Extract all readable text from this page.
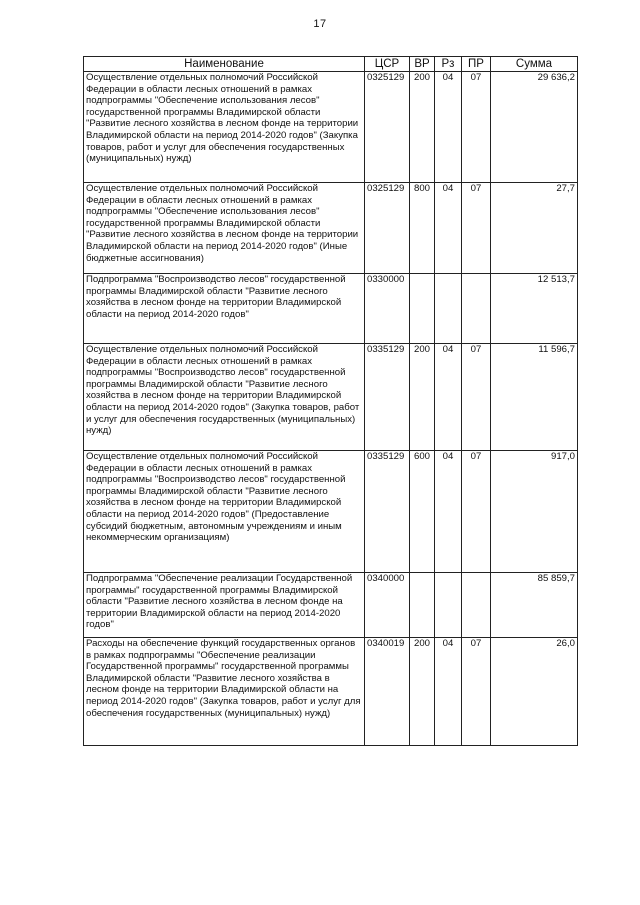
17
Наименование	ЦСР	ВР	Рз	ПР	Сумма
Осуществление отдельных полномочий Российской Федерации в области лесных отношений в рамках подпрограммы "Обеспечение использования лесов" государственной программы Владимирской области "Развитие лесного хозяйства в лесном фонде на территории Владимирской области на период 2014-2020 годов" (Закупка товаров, работ и услуг для обеспечения государственных (муниципальных) нужд)	0325129	200	04	07	29 636,2
Осуществление отдельных полномочий Российской Федерации в области лесных отношений в рамках подпрограммы "Обеспечение использования лесов" государственной программы Владимирской области "Развитие лесного хозяйства в лесном фонде на территории Владимирской области на период 2014-2020 годов" (Иные бюджетные ассигнования)	0325129	800	04	07	27,7
Подпрограмма "Воспроизводство лесов" государственной программы Владимирской области "Развитие лесного хозяйства в лесном фонде на территории Владимирской области на период 2014-2020 годов"	0330000				12 513,7
Осуществление отдельных полномочий Российской Федерации в области лесных отношений в рамках подпрограммы "Воспроизводство лесов" государственной программы Владимирской области "Развитие лесного хозяйства в лесном фонде на территории Владимирской области на период 2014-2020 годов" (Закупка товаров, работ и услуг для обеспечения государственных (муниципальных) нужд)	0335129	200	04	07	11 596,7
Осуществление отдельных полномочий Российской Федерации в области лесных отношений в рамках подпрограммы "Воспроизводство лесов" государственной программы Владимирской области "Развитие лесного хозяйства в лесном фонде на территории Владимирской области на период 2014-2020 годов" (Предоставление субсидий бюджетным, автономным учреждениям и иным некоммерческим организациям)	0335129	600	04	07	917,0
Подпрограмма "Обеспечение реализации Государственной программы" государственной программы Владимирской области "Развитие лесного хозяйства в лесном фонде на территории Владимирской области на период 2014-2020 годов"	0340000				85 859,7
Расходы на обеспечение функций государственных органов в рамках подпрограммы "Обеспечение реализации Государственной программы" государственной программы Владимирской области "Развитие лесного хозяйства в лесном фонде на территории Владимирской области на период 2014-2020 годов" (Закупка товаров, работ и услуг для обеспечения государственных (муниципальных) нужд)	0340019	200	04	07	26,0
